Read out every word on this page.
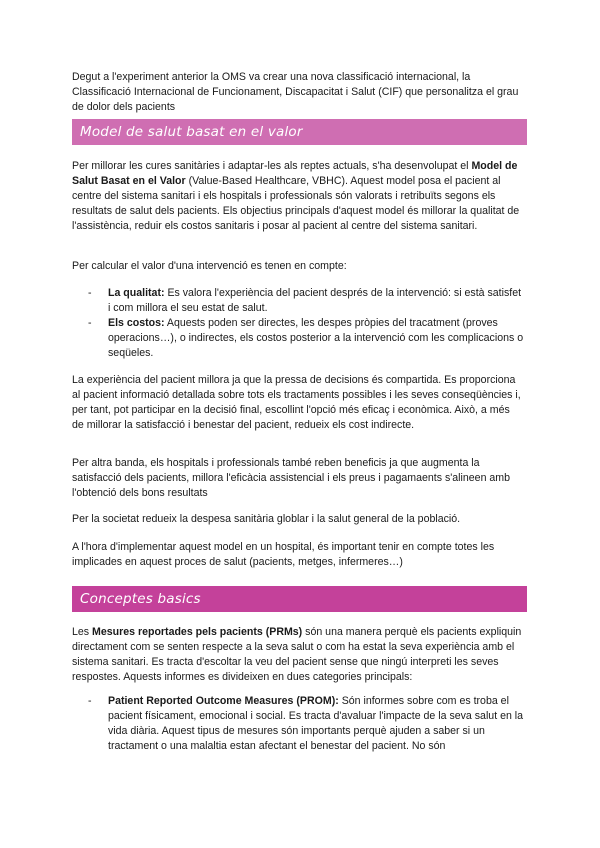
Degut a l'experiment anterior la OMS va crear una nova classificació internacional, la Classificació Internacional de Funcionament, Discapacitat i Salut (CIF) que personalitza el grau de dolor dels pacients

Model de salut basat en el valor

Per millorar les cures sanitàries i adaptar-les als reptes actuals, s'ha desenvolupat el Model de Salut Basat en el Valor (Value-Based Healthcare, VBHC). Aquest model posa el pacient al centre del sistema sanitari i els hospitals i professionals són valorats i retribuïts segons els resultats de salut dels pacients. Els objectius principals d'aquest model és millorar la qualitat de l'assistència, reduir els costos sanitaris i posar al pacient al centre del sistema sanitari.

Per calcular el valor d'una intervenció es tenen en compte:

- La qualitat: Es valora l'experiència del pacient després de la intervenció: si està satisfet i com millora el seu estat de salut.
- Els costos: Aquests poden ser directes, les despes pròpies del tracatment (proves operacions…), o indirectes, els costos posterior a la intervenció com les complicacions o seqüeles.

La experiència del pacient millora ja que la pressa de decisions és compartida. Es proporciona al pacient informació detallada sobre tots els tractaments possibles i les seves conseqüències i, per tant, pot participar en la decisió final, escollint l'opció més eficaç i econòmica. Això, a més de millorar la satisfacció i benestar del pacient, redueix els cost indirecte.

Per altra banda, els hospitals i professionals també reben beneficis ja que augmenta la satisfacció dels pacients, millora l'eficàcia assistencial i els preus i pagamaents s'alineen amb l'obtenció dels bons resultats

Per la societat redueix la despesa sanitària globlar i la salut general de la població.

A l'hora d'implementar aquest model en un hospital, és important tenir en compte totes les implicades en aquest proces de salut (pacients, metges, infermeres…)

Conceptes basics

Les Mesures reportades pels pacients (PRMs) són una manera perquè els pacients expliquin directament com se senten respecte a la seva salut o com ha estat la seva experiència amb el sistema sanitari. Es tracta d'escoltar la veu del pacient sense que ningú interpreti les seves respostes. Aquests informes es divideixen en dues categories principals:

- Patient Reported Outcome Measures (PROM): Són informes sobre com es troba el pacient físicament, emocional i social. Es tracta d'avaluar l'impacte de la seva salut en la vida diària. Aquest tipus de mesures són importants perquè ajuden a saber si un tractament o una malaltia estan afectant el benestar del pacient. No són
